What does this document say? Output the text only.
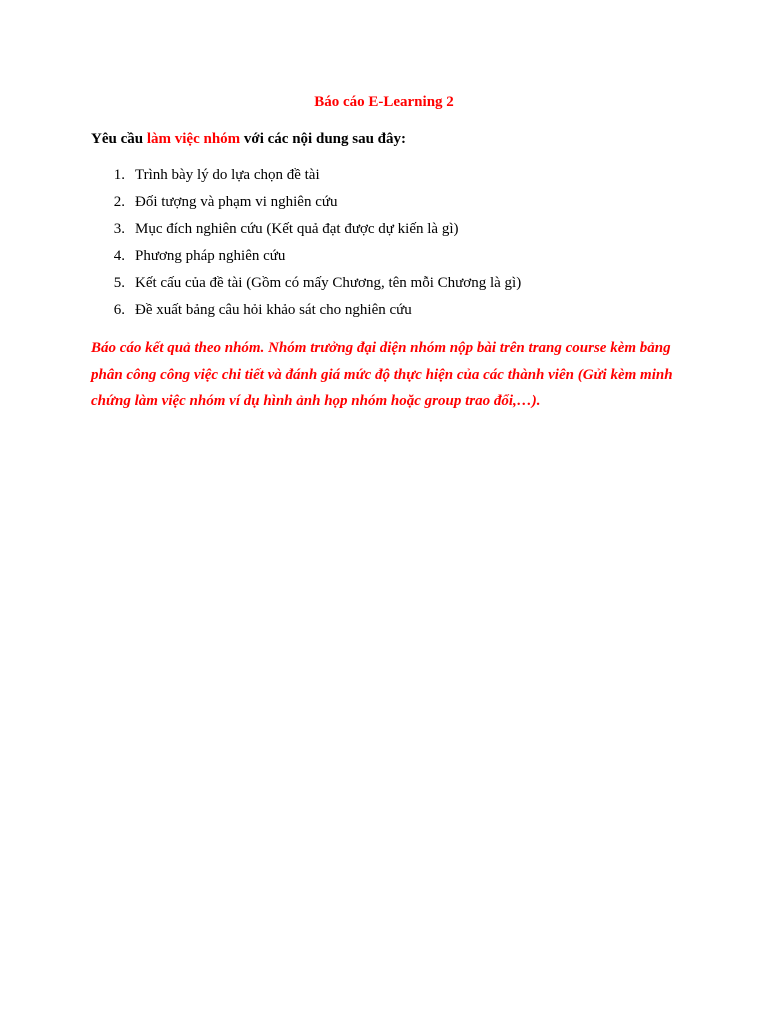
Báo cáo E-Learning 2
Yêu cầu làm việc nhóm với các nội dung sau đây:
1. Trình bày lý do lựa chọn đề tài
2. Đối tượng và phạm vi nghiên cứu
3. Mục đích nghiên cứu (Kết quả đạt được dự kiến là gì)
4. Phương pháp nghiên cứu
5. Kết cấu của đề tài (Gồm có mấy Chương, tên mỗi Chương là gì)
6. Đề xuất bảng câu hỏi khảo sát cho nghiên cứu

Báo cáo kết quả theo nhóm. Nhóm trưởng đại diện nhóm nộp bài trên trang course kèm bảng phân công công việc chi tiết và đánh giá mức độ thực hiện của các thành viên (Gửi kèm minh chứng làm việc nhóm ví dụ hình ảnh họp nhóm hoặc group trao đổi,…).
